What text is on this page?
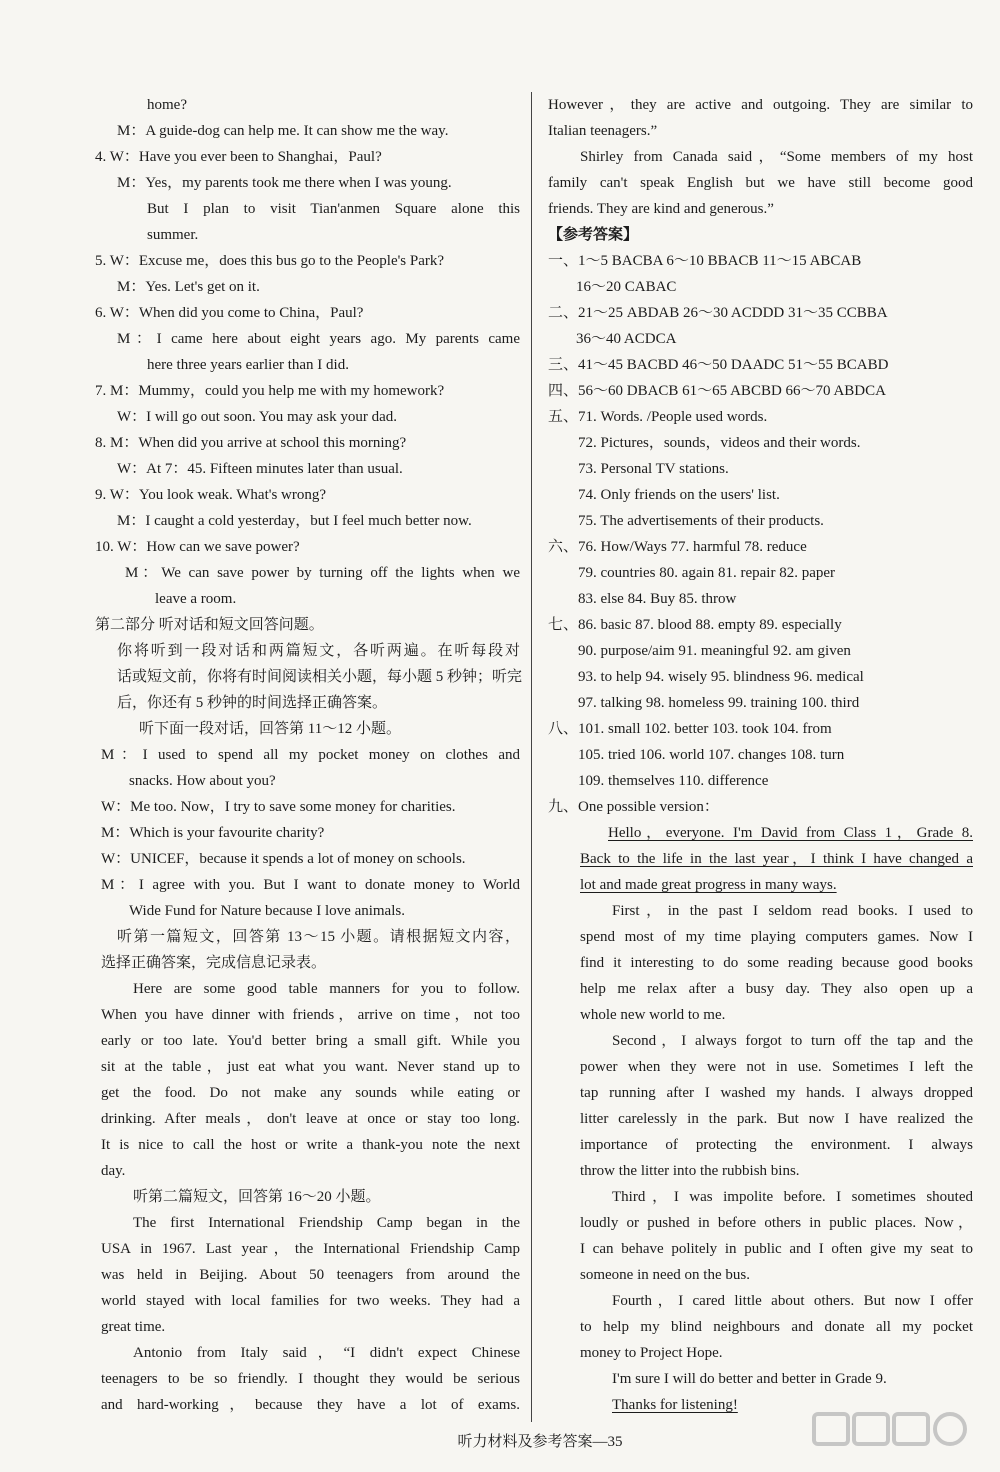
home?
M：A guide-dog can help me. It can show me the way.
4. W：Have you ever been to Shanghai，Paul?
M：Yes，my parents took me there when I was young.
But I plan to visit Tian'anmen Square alone this
summer.
5. W：Excuse me，does this bus go to the People's Park?
M：Yes. Let's get on it.
6. W：When did you come to China，Paul?
M：I came here about eight years ago. My parents came
here three years earlier than I did.
7. M：Mummy，could you help me with my homework?
W：I will go out soon. You may ask your dad.
8. M：When did you arrive at school this morning?
W：At 7：45. Fifteen minutes later than usual.
9. W：You look weak. What's wrong?
M：I caught a cold yesterday，but I feel much better now.
10. W：How can we save power?
M：We can save power by turning off the lights when we
leave a room.
第二部分 听对话和短文回答问题。
你将听到一段对话和两篇短文，各听两遍。在听每段对
话或短文前，你将有时间阅读相关小题，每小题 5 秒钟；听完
后，你还有 5 秒钟的时间选择正确答案。
听下面一段对话，回答第 11～12 小题。
M：I used to spend all my pocket money on clothes and
snacks. How about you?
W：Me too. Now，I try to save some money for charities.
M：Which is your favourite charity?
W：UNICEF，because it spends a lot of money on schools.
M：I agree with you. But I want to donate money to World
Wide Fund for Nature because I love animals.
听第一篇短文，回答第 13～15 小题。请根据短文内容，
选择正确答案，完成信息记录表。
Here are some good table manners for you to follow.
When you have dinner with friends，arrive on time，not too
early or too late. You'd better bring a small gift. While you
sit at the table，just eat what you want. Never stand up to
get the food. Do not make any sounds while eating or
drinking. After meals，don't leave at once or stay too long.
It is nice to call the host or write a thank-you note the next
day.
听第二篇短文，回答第 16～20 小题。
The first International Friendship Camp began in the
USA in 1967. Last year，the International Friendship Camp
was held in Beijing. About 50 teenagers from around the
world stayed with local families for two weeks. They had a
great time.
Antonio from Italy said，“I didn't expect Chinese
teenagers to be so friendly. I thought they would be serious
and hard-working，because they have a lot of exams.
However，they are active and outgoing. They are similar to
Italian teenagers.”
Shirley from Canada said，“Some members of my host
family can't speak English but we have still become good
friends. They are kind and generous.”
【参考答案】
一、1～5 BACBA 6～10 BBACB 11～15 ABCAB
16～20 CABAC
二、21～25 ABDAB 26～30 ACDDD 31～35 CCBBA
36～40 ACDCA
三、41～45 BACBD 46～50 DAADC 51～55 BCABD
四、56～60 DBACB 61～65 ABCBD 66～70 ABDCA
五、71. Words. /People used words.
72. Pictures，sounds，videos and their words.
73. Personal TV stations.
74. Only friends on the users' list.
75. The advertisements of their products.
六、76. How/Ways 77. harmful 78. reduce
79. countries 80. again 81. repair 82. paper
83. else 84. Buy 85. throw
七、86. basic 87. blood 88. empty 89. especially
90. purpose/aim 91. meaningful 92. am given
93. to help 94. wisely 95. blindness 96. medical
97. talking 98. homeless 99. training 100. third
八、101. small 102. better 103. took 104. from
105. tried 106. world 107. changes 108. turn
109. themselves 110. difference
九、One possible version：
Hello，everyone. I'm David from Class 1，Grade 8.
Back to the life in the last year，I think I have changed a
lot and made great progress in many ways.
First，in the past I seldom read books. I used to
spend most of my time playing computers games. Now I
find it interesting to do some reading because good books
help me relax after a busy day. They also open up a
whole new world to me.
Second，I always forgot to turn off the tap and the
power when they were not in use. Sometimes I left the
tap running after I washed my hands. I always dropped
litter carelessly in the park. But now I have realized the
importance of protecting the environment. I always
throw the litter into the rubbish bins.
Third，I was impolite before. I sometimes shouted
loudly or pushed in before others in public places. Now，
I can behave politely in public and I often give my seat to
someone in need on the bus.
Fourth，I cared little about others. But now I offer
to help my blind neighbours and donate all my pocket
money to Project Hope.
I'm sure I will do better and better in Grade 9.
Thanks for listening!
听力材料及参考答案—35
